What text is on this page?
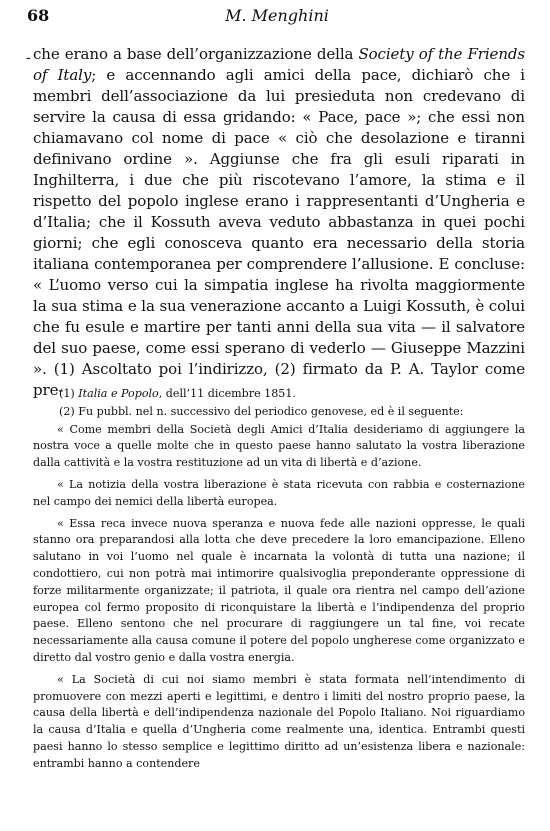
68	M. Menghini
- che erano a base dell’organizzazione della Society of the Friends of Italy; e accennando agli amici della pace, dichiarò che i membri dell’associazione da lui presieduta non credevano di servire la causa di essa gridando: « Pace, pace »; che essi non chiamavano col nome di pace « ciò che desolazione e tiranni definivano ordine ». Aggiunse che fra gli esuli riparati in Inghilterra, i due che più riscotevano l’amore, la stima e il rispetto del popolo inglese erano i rappresentanti d’Ungheria e d’Italia; che il Kossuth aveva veduto abbastanza in quei pochi giorni; che egli conosceva quanto era necessario della storia italiana contemporanea per comprendere l’allusione. E concluse: « L’uomo verso cui la simpatia inglese ha rivolta maggiormente la sua stima e la sua venerazione accanto a Luigi Kossuth, è colui che fu esule e martire per tanti anni della sua vita — il salvatore del suo paese, come essi sperano di vederlo — Giuseppe Mazzini ». (1) Ascoltato poi l’indirizzo, (2) firmato da P. A. Taylor come pre-

(1) Italia e Popolo, dell’11 dicembre 1851.

(2) Fu pubbl. nel n. successivo del periodico genovese, ed è il seguente:

« Come membri della Società degli Amici d’Italia desideriamo di aggiungere la nostra voce a quelle molte che in questo paese hanno salutato la vostra liberazione dalla cattività e la vostra restituzione ad un vita di libertà e d’azione.

« La notizia della vostra liberazione è stata ricevuta con rabbia e costernazione nel campo dei nemici della libertà europea.

« Essa reca invece nuova speranza e nuova fede alle nazioni oppresse, le quali stanno ora preparandosi alla lotta che deve precedere la loro emancipazione. Elleno salutano in voi l’uomo nel quale è incarnata la volontà di tutta una nazione; il condottiero, cui non potrà mai intimorire qualsivoglia preponderante oppressione di forze militarmente organizzate; il patriota, il quale ora rientra nel campo dell’azione europea col fermo proposito di riconquistare la libertà e l’indipendenza del proprio paese. Elleno sentono che nel procurare di raggiungere un tal fine, voi recate necessariamente alla causa comune il potere del popolo ungherese come organizzato e diretto dal vostro genio e dalla vostra energia.

« La Società di cui noi siamo membri è stata formata nell’intendimento di promuovere con mezzi aperti e legittimi, e dentro i limiti del nostro proprio paese, la causa della libertà e dell’indipendenza nazionale del Popolo Italiano. Noi riguardiamo la causa d’Italia e quella d’Ungheria come realmente una, identica. Entrambi questi paesi hanno lo stesso semplice e legittimo diritto ad un’esistenza libera e nazionale: entrambi hanno a contendere
